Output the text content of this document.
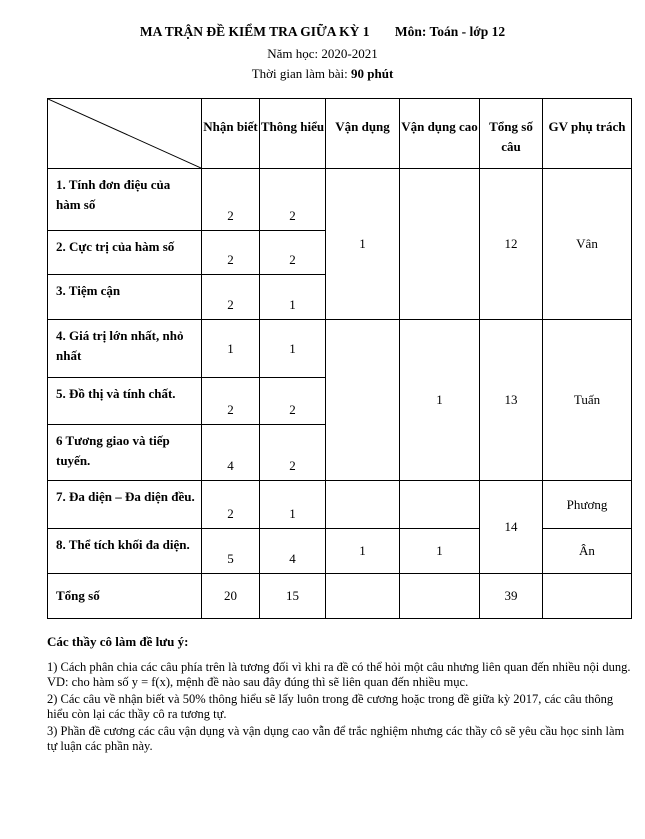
MA TRẬN ĐỀ KIỂM TRA GIỮA KỲ 1 Môn: Toán - lớp 12
Năm học: 2020-2021
Thời gian làm bài: 90 phút
	Nhận biết	Thông hiểu	Vận dụng	Vận dụng cao	Tổng số câu	GV phụ trách
1. Tính đơn điệu của hàm số	2	2	1		12	Vân
2. Cực trị của hàm số	2	2				
3. Tiệm cận	2	1				
4. Giá trị lớn nhất, nhỏ nhất	1	1		1	13	Tuấn
5. Đồ thị và tính chất.	2	2				
6 Tương giao và tiếp tuyến.	4	2				
7. Đa diện – Đa diện đều.	2	1			14	Phương
8. Thể tích khối đa diện.	5	4	1	1		Ân
Tổng số	20	15			39	
Các thầy cô làm đề lưu ý:

1) Cách phân chia các câu phía trên là tương đối vì khi ra đề có thể hỏi một câu nhưng liên quan đến nhiều nội dung. VD: cho hàm số y = f(x), mệnh đề nào sau đây đúng thì sẽ liên quan đến nhiều mục.

2) Các câu về nhận biết và 50% thông hiểu sẽ lấy luôn trong đề cương hoặc trong đề giữa kỳ 2017, các câu thông hiểu còn lại các thầy cô ra tương tự.

3) Phần đề cương các câu vận dụng và vận dụng cao vẫn để trắc nghiệm nhưng các thầy cô sẽ yêu cầu học sinh làm tự luận các phần này.
